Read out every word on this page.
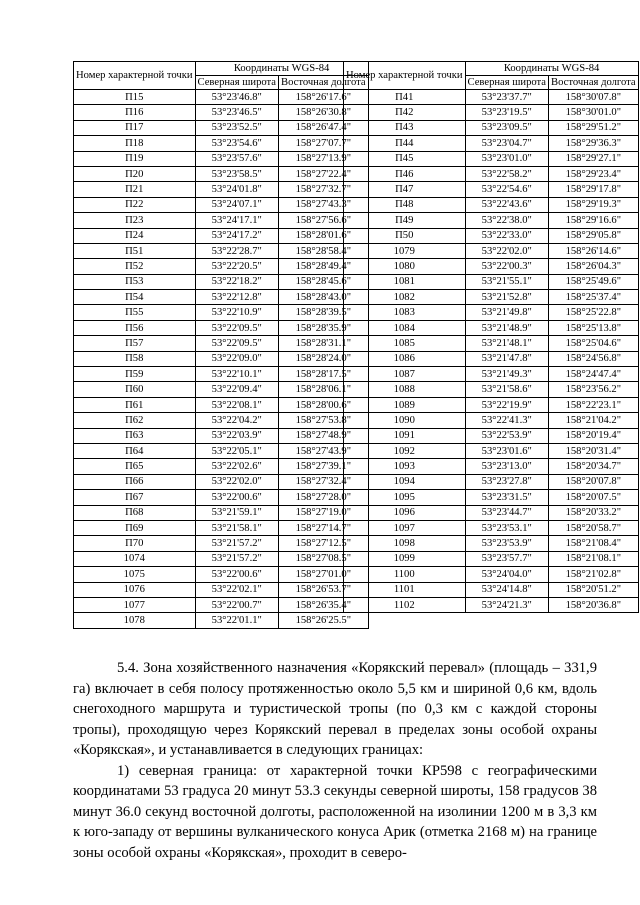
Номер характерной точки	Координаты WGS-84	
	Северная широта	Восточная долгота
П15	53°23'46.8"	158°26'17.6"
П16	53°23'46.5"	158°26'30.8"
П17	53°23'52.5"	158°26'47.4"
П18	53°23'54.6"	158°27'07.7"
П19	53°23'57.6"	158°27'13.9"
П20	53°23'58.5"	158°27'22.4"
П21	53°24'01.8"	158°27'32.7"
П22	53°24'07.1"	158°27'43.3"
П23	53°24'17.1"	158°27'56.6"
П24	53°24'17.2"	158°28'01.6"
П51	53°22'28.7"	158°28'58.4"
П52	53°22'20.5"	158°28'49.4"
П53	53°22'18.2"	158°28'45.6"
П54	53°22'12.8"	158°28'43.0"
П55	53°22'10.9"	158°28'39.5"
П56	53°22'09.5"	158°28'35.9"
П57	53°22'09.5"	158°28'31.1"
П58	53°22'09.0"	158°28'24.0"
П59	53°22'10.1"	158°28'17.5"
П60	53°22'09.4"	158°28'06.1"
П61	53°22'08.1"	158°28'00.6"
П62	53°22'04.2"	158°27'53.8"
П63	53°22'03.9"	158°27'48.9"
П64	53°22'05.1"	158°27'43.9"
П65	53°22'02.6"	158°27'39.1"
П66	53°22'02.0"	158°27'32.4"
П67	53°22'00.6"	158°27'28.0"
П68	53°21'59.1"	158°27'19.0"
П69	53°21'58.1"	158°27'14.7"
П70	53°21'57.2"	158°27'12.5"
1074	53°21'57.2"	158°27'08.5"
1075	53°22'00.6"	158°27'01.0"
1076	53°22'02.1"	158°26'53.7"
1077	53°22'00.7"	158°26'35.4"
1078	53°22'01.1"	158°26'25.5"
Номер характерной точки	Координаты WGS-84	
	Северная широта	Восточная долгота
П41	53°23'37.7"	158°30'07.8"
П42	53°23'19.5"	158°30'01.0"
П43	53°23'09.5"	158°29'51.2"
П44	53°23'04.7"	158°29'36.3"
П45	53°23'01.0"	158°29'27.1"
П46	53°22'58.2"	158°29'23.4"
П47	53°22'54.6"	158°29'17.8"
П48	53°22'43.6"	158°29'19.3"
П49	53°22'38.0"	158°29'16.6"
П50	53°22'33.0"	158°29'05.8"
1079	53°22'02.0"	158°26'14.6"
1080	53°22'00.3"	158°26'04.3"
1081	53°21'55.1"	158°25'49.6"
1082	53°21'52.8"	158°25'37.4"
1083	53°21'49.8"	158°25'22.8"
1084	53°21'48.9"	158°25'13.8"
1085	53°21'48.1"	158°25'04.6"
1086	53°21'47.8"	158°24'56.8"
1087	53°21'49.3"	158°24'47.4"
1088	53°21'58.6"	158°23'56.2"
1089	53°22'19.9"	158°22'23.1"
1090	53°22'41.3"	158°21'04.2"
1091	53°22'53.9"	158°20'19.4"
1092	53°23'01.6"	158°20'31.4"
1093	53°23'13.0"	158°20'34.7"
1094	53°23'27.8"	158°20'07.8"
1095	53°23'31.5"	158°20'07.5"
1096	53°23'44.7"	158°20'33.2"
1097	53°23'53.1"	158°20'58.7"
1098	53°23'53.9"	158°21'08.4"
1099	53°23'57.7"	158°21'08.1"
1100	53°24'04.0"	158°21'02.8"
1101	53°24'14.8"	158°20'51.2"
1102	53°24'21.3"	158°20'36.8"

5.4. Зона хозяйственного назначения «Корякский перевал» (площадь – 331,9 га) включает в себя полосу протяженностью около 5,5 км и шириной 0,6 км, вдоль снегоходного маршрута и туристической тропы (по 0,3 км с каждой стороны тропы), проходящую через Корякский перевал в пределах зоны особой охраны «Корякская», и устанавливается в следующих границах:

1) северная граница: от характерной точки КР598 с географическими координатами 53 градуса 20 минут 53.3 секунды северной широты, 158 градусов 38 минут 36.0 секунд восточной долготы, расположенной на изолинии 1200 м в 3,3 км к юго-западу от вершины вулканического конуса Арик (отметка 2168 м) на границе зоны особой охраны «Корякская», проходит в северо-
